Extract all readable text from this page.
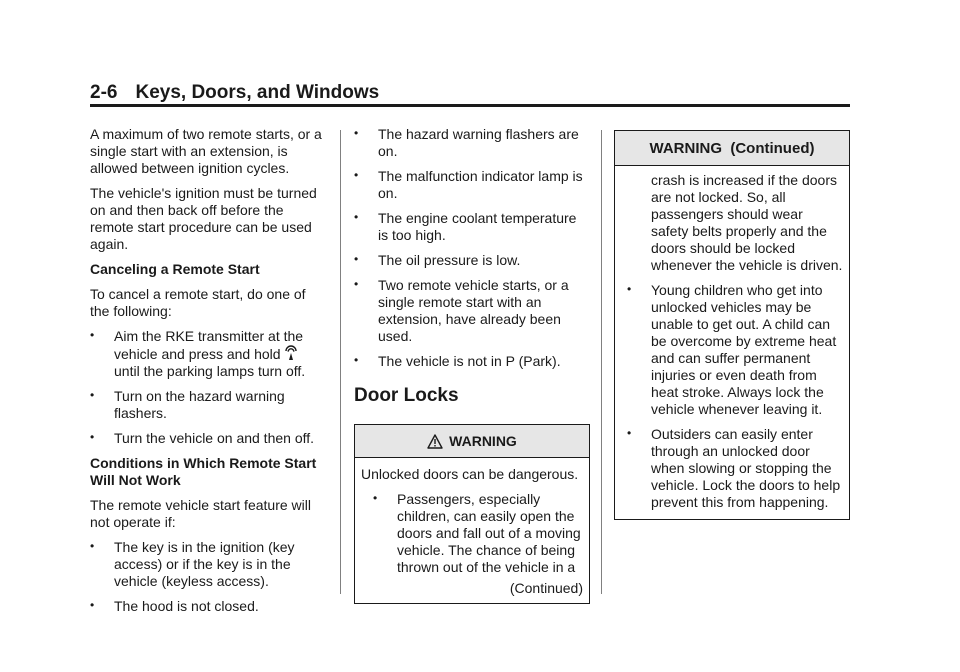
2-6 Keys, Doors, and Windows

A maximum of two remote starts, or a single start with an extension, is allowed between ignition cycles.

The vehicle's ignition must be turned on and then back off before the remote start procedure can be used again.

Canceling a Remote Start

To cancel a remote start, do one of the following:

• Aim the RKE transmitter at the vehicle and press and hold  until the parking lamps turn off.
• Turn on the hazard warning flashers.
• Turn the vehicle on and then off.

Conditions in Which Remote Start Will Not Work

The remote vehicle start feature will not operate if:

• The key is in the ignition (key access) or if the key is in the vehicle (keyless access).
• The hood is not closed.
• The hazard warning flashers are on.
• The malfunction indicator lamp is on.
• The engine coolant temperature is too high.
• The oil pressure is low.
• Two remote vehicle starts, or a single remote start with an extension, have already been used.
• The vehicle is not in P (Park).
Door Locks
WARNING

Unlocked doors can be dangerous.

• Passengers, especially children, can easily open the doors and fall out of a moving vehicle. The chance of being thrown out of the vehicle in a

(Continued)

WARNING  (Continued)
crash is increased if the doors are not locked. So, all passengers should wear safety belts properly and the doors should be locked whenever the vehicle is driven.
• Young children who get into unlocked vehicles may be unable to get out. A child can be overcome by extreme heat and can suffer permanent injuries or even death from heat stroke. Always lock the vehicle whenever leaving it.
• Outsiders can easily enter through an unlocked door when slowing or stopping the vehicle. Lock the doors to help prevent this from happening.
